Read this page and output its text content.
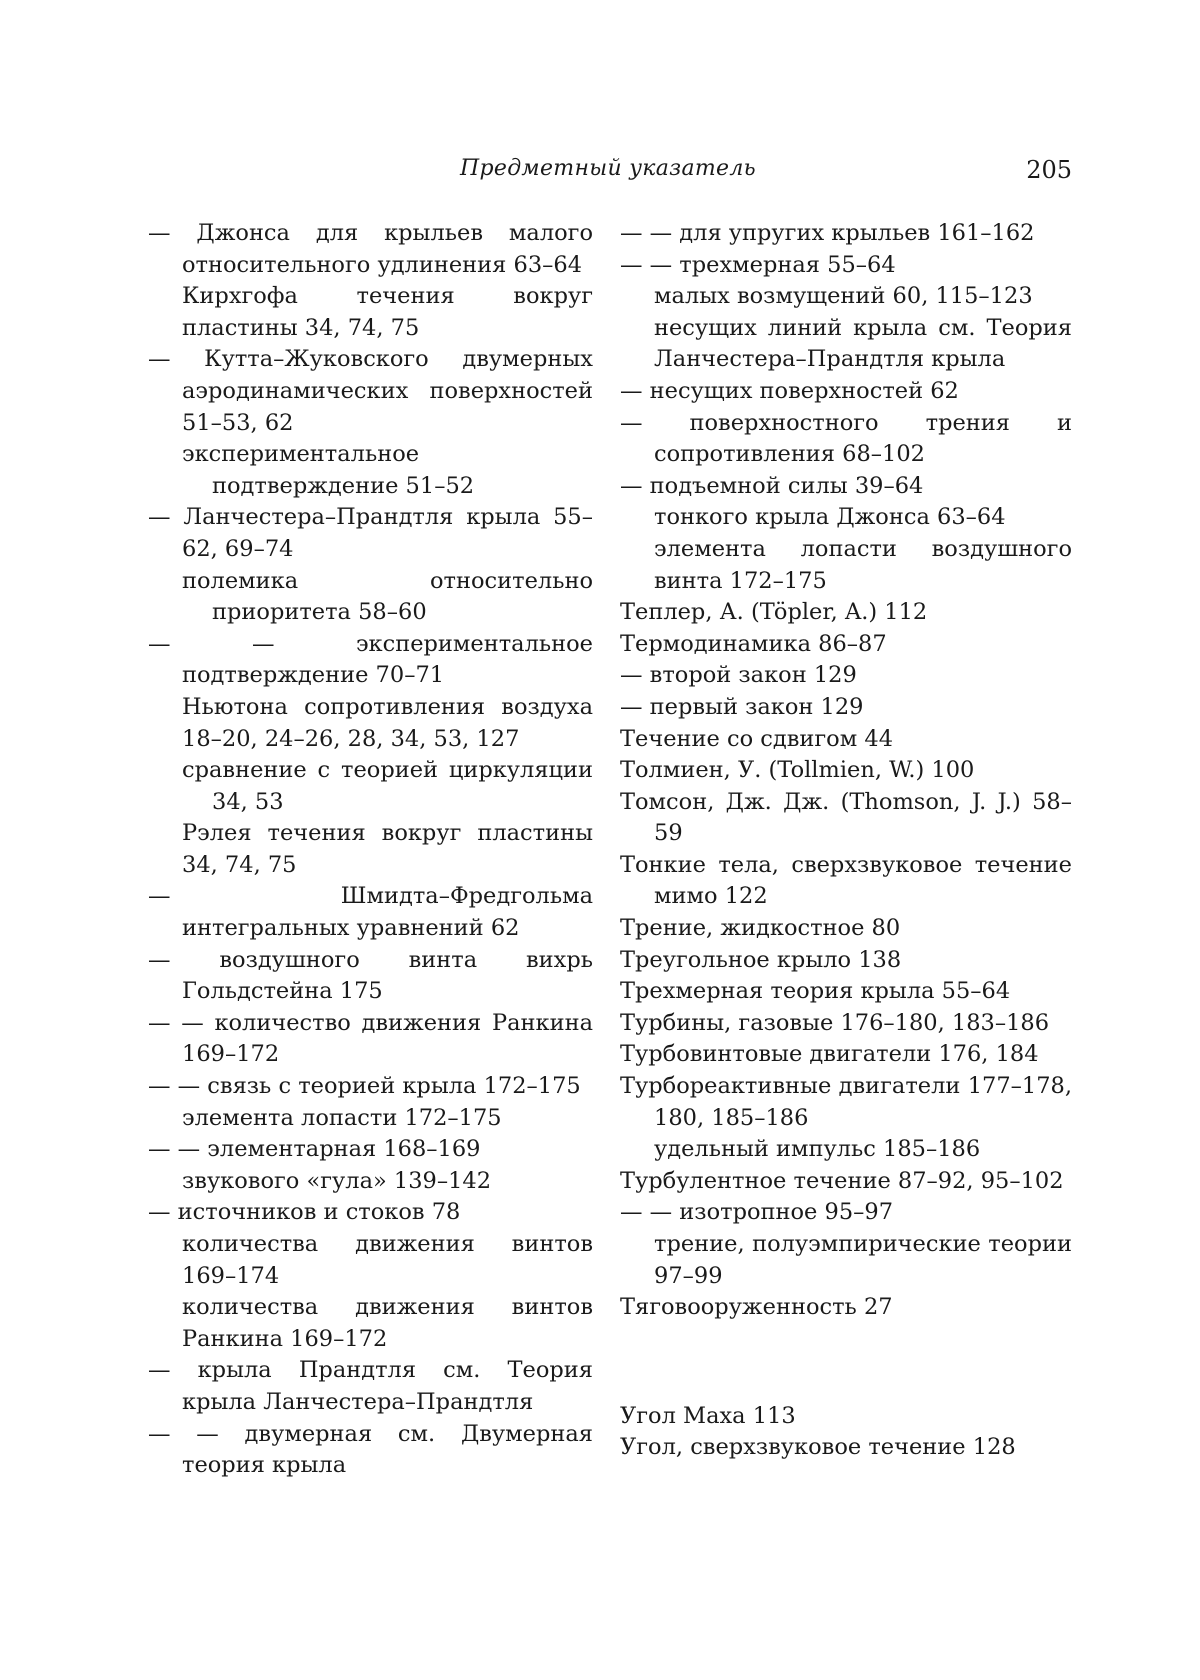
Предметный указатель	205

— Джонса для крыльев малого относительного удлинения 63–64

Кирхгофа течения вокруг пластины 34, 74, 75

— Кутта–Жуковского двумерных аэродинамических поверхностей 51–53, 62

экспериментальное подтверждение 51–52

— Ланчестера–Прандтля крыла 55–62, 69–74

полемика относительно приоритета 58–60

— — экспериментальное подтверждение 70–71

Ньютона сопротивления воздуха 18–20, 24–26, 28, 34, 53, 127

сравнение с теорией циркуляции 34, 53

Рэлея течения вокруг пластины 34, 74, 75

— Шмидта–Фредгольма интегральных уравнений 62

— воздушного винта вихрь Гольдстейна 175

— — количество движения Ранкина 169–172

— — связь с теорией крыла 172–175

элемента лопасти 172–175

— — элементарная 168–169

звукового «гула» 139–142

— источников и стоков 78

количества движения винтов 169–174

количества движения винтов Ранкина 169–172

— крыла Прандтля см. Теория крыла Ланчестера–Прандтля

— — двумерная см. Двумерная теория крыла

— — для упругих крыльев 161–162

— — трехмерная 55–64

малых возмущений 60, 115–123

несущих линий крыла см. Теория Ланчестера–Прандтля крыла

— несущих поверхностей 62

— поверхностного трения и сопротивления 68–102

— подъемной силы 39–64

тонкого крыла Джонса 63–64

элемента лопасти воздушного винта 172–175

Теплер, А. (Töpler, A.) 112

Термодинамика 86–87

— второй закон 129

— первый закон 129

Течение со сдвигом 44

Толмиен, У. (Tollmien, W.) 100

Томсон, Дж. Дж. (Thomson, J. J.) 58–59

Тонкие тела, сверхзвуковое течение мимо 122

Трение, жидкостное 80

Треугольное крыло 138

Трехмерная теория крыла 55–64

Турбины, газовые 176–180, 183–186

Турбовинтовые двигатели 176, 184

Турбореактивные двигатели 177–178, 180, 185–186

удельный импульс 185–186

Турбулентное течение 87–92, 95–102

— — изотропное 95–97

трение, полуэмпирические теории 97–99

Тяговооруженность 27

Угол Маха 113

Угол, сверхзвуковое течение 128
